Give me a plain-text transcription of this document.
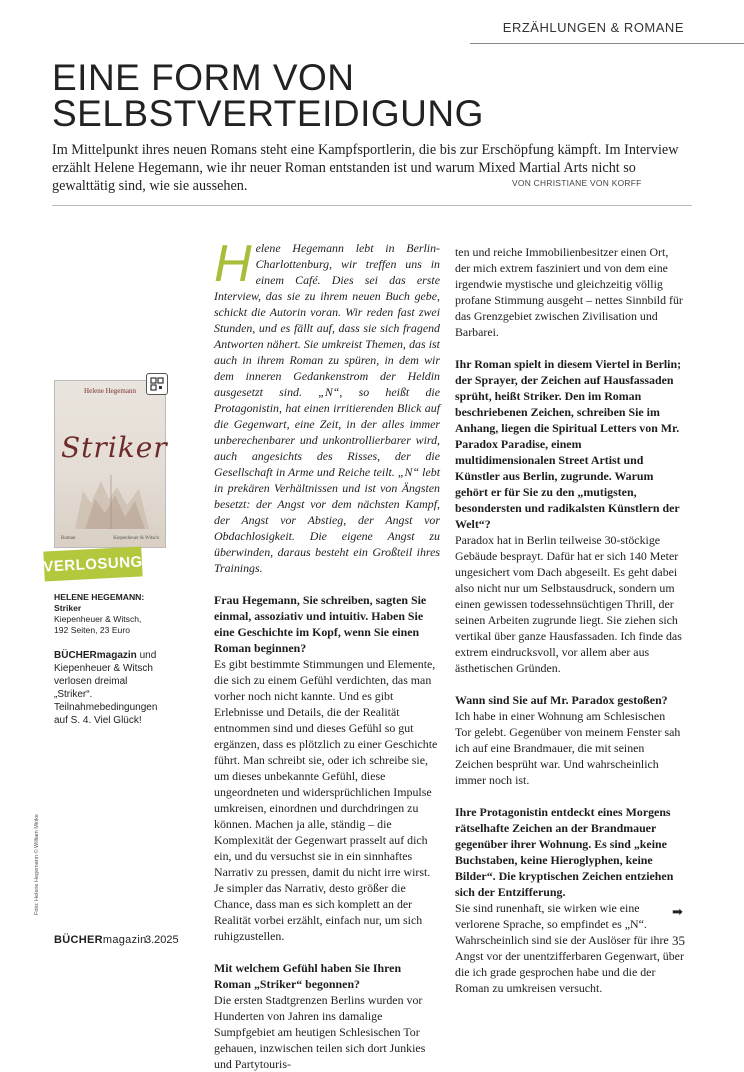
ERZÄHLUNGEN & ROMANE
EINE FORM VON
SELBSTVERTEIDIGUNG

Im Mittelpunkt ihres neuen Romans steht eine Kampfsportlerin, die bis zur Erschöpfung kämpft. Im Interview erzählt Helene Hegemann, wie ihr neuer Roman entstanden ist und warum Mixed Martial Arts nicht so gewalttätig sind, wie sie aussehen.	VON CHRISTIANE VON KORFF
Helene Hegemann
Striker
Roman	Kiepenheuer & Witsch
VERLOSUNG
HELENE HEGEMANN:
Striker
Kiepenheuer & Witsch,
192 Seiten, 23 Euro
BÜCHERmagazin und Kiepenheuer & Witsch verlosen dreimal „Striker“. Teilnahmebedingungen auf S. 4. Viel Glück!
Foto: Helene Hegemann © William Minke

Helene Hegemann lebt in Berlin-Charlottenburg, wir treffen uns in einem Café. Dies sei das erste Interview, das sie zu ihrem neuen Buch gebe, schickt die Autorin voran. Wir reden fast zwei Stunden, und es fällt auf, dass sie sich fragend Antworten nähert. Sie umkreist Themen, das ist auch in ihrem Roman zu spüren, in dem wir dem inneren Gedankenstrom der Heldin ausgesetzt sind. „N“, so heißt die Protagonistin, hat einen irritierenden Blick auf die Gegenwart, eine Zeit, in der alles immer unberechenbarer und unkontrollierbarer wird, auch angesichts des Risses, der die Gesellschaft in Arme und Reiche teilt. „N“ lebt in prekären Verhältnissen und ist von Ängsten besetzt: der Angst vor dem nächsten Kampf, der Angst vor Abstieg, der Angst vor Obdachlosigkeit. Die eigene Angst zu überwinden, daraus besteht ein Großteil ihres Trainings.

Frau Hegemann, Sie schreiben, sagten Sie einmal, assoziativ und intuitiv. Haben Sie eine Geschichte im Kopf, wenn Sie einen Roman beginnen?

Es gibt bestimmte Stimmungen und Elemente, die sich zu einem Gefühl verdichten, das man vorher noch nicht kannte. Und es gibt Erlebnisse und Details, die der Realität entnommen sind und dieses Gefühl so gut ergänzen, dass es plötzlich zu einer Geschichte führt. Man schreibt sie, oder ich schreibe sie, um dieses unbekannte Gefühl, diese ungeordneten und widersprüchlichen Impulse umkreisen, einordnen und durchdringen zu können. Machen ja alle, ständig – die Komplexität der Gegenwart prasselt auf dich ein, und du versuchst sie in ein sinnhaftes Narrativ zu pressen, damit du nicht irre wirst. Je simpler das Narrativ, desto größer die Chance, dass man es sich komplett an der Realität vorbei erzählt, einfach nur, um sich ruhigzustellen.

Mit welchem Gefühl haben Sie Ihren Roman „Striker“ begonnen?

Die ersten Stadtgrenzen Berlins wurden vor Hunderten von Jahren ins damalige Sumpfgebiet am heutigen Schlesischen Tor gehauen, inzwischen teilen sich dort Junkies und Partytouris-

ten und reiche Immobilienbesitzer einen Ort, der mich extrem fasziniert und von dem eine irgendwie mystische und gleichzeitig völlig profane Stimmung ausgeht – nettes Sinnbild für das Grenzgebiet zwischen Zivilisation und Barbarei.

Ihr Roman spielt in diesem Viertel in Berlin; der Sprayer, der Zeichen auf Hausfassaden sprüht, heißt Striker. Den im Roman beschriebenen Zeichen, schreiben Sie im Anhang, liegen die Spiritual Letters von Mr. Paradox Paradise, einem multidimensionalen Street Artist und Künstler aus Berlin, zugrunde. Warum gehört er für Sie zu den „mutigsten, besondersten und radikalsten Künstlern der Welt“?

Paradox hat in Berlin teilweise 30-stöckige Gebäude besprayt. Dafür hat er sich 140 Meter ungesichert vom Dach abgeseilt. Es geht dabei also nicht nur um Selbstausdruck, sondern um einen gewissen todessehnsüchtigen Thrill, der seinen Arbeiten zugrunde liegt. Sie ziehen sich vertikal über ganze Hausfassaden. Ich finde das extrem eindrucksvoll, vor allem aber aus ästhetischen Gründen.

Wann sind Sie auf Mr. Paradox gestoßen?

Ich habe in einer Wohnung am Schlesischen Tor gelebt. Gegenüber von meinem Fenster sah ich auf eine Brandmauer, die mit seinen Zeichen besprüht war. Und wahrscheinlich immer noch ist.

Ihre Protagonistin entdeckt eines Morgens rätselhafte Zeichen an der Brandmauer gegenüber ihrer Wohnung. Es sind „keine Buchstaben, keine Hieroglyphen, keine Bilder“. Die kryptischen Zeichen entziehen sich der Entzifferung.

Sie sind runenhaft, sie wirken wie eine verlorene Sprache, so empfindet es „N“. Wahrscheinlich sind sie der Auslöser für ihre Angst vor der unentzifferbaren Gegenwart, über die ich grade gesprochen habe und die der Roman zu umkreisen versucht.

➡
BÜCHERmagazin
3.2025	35
